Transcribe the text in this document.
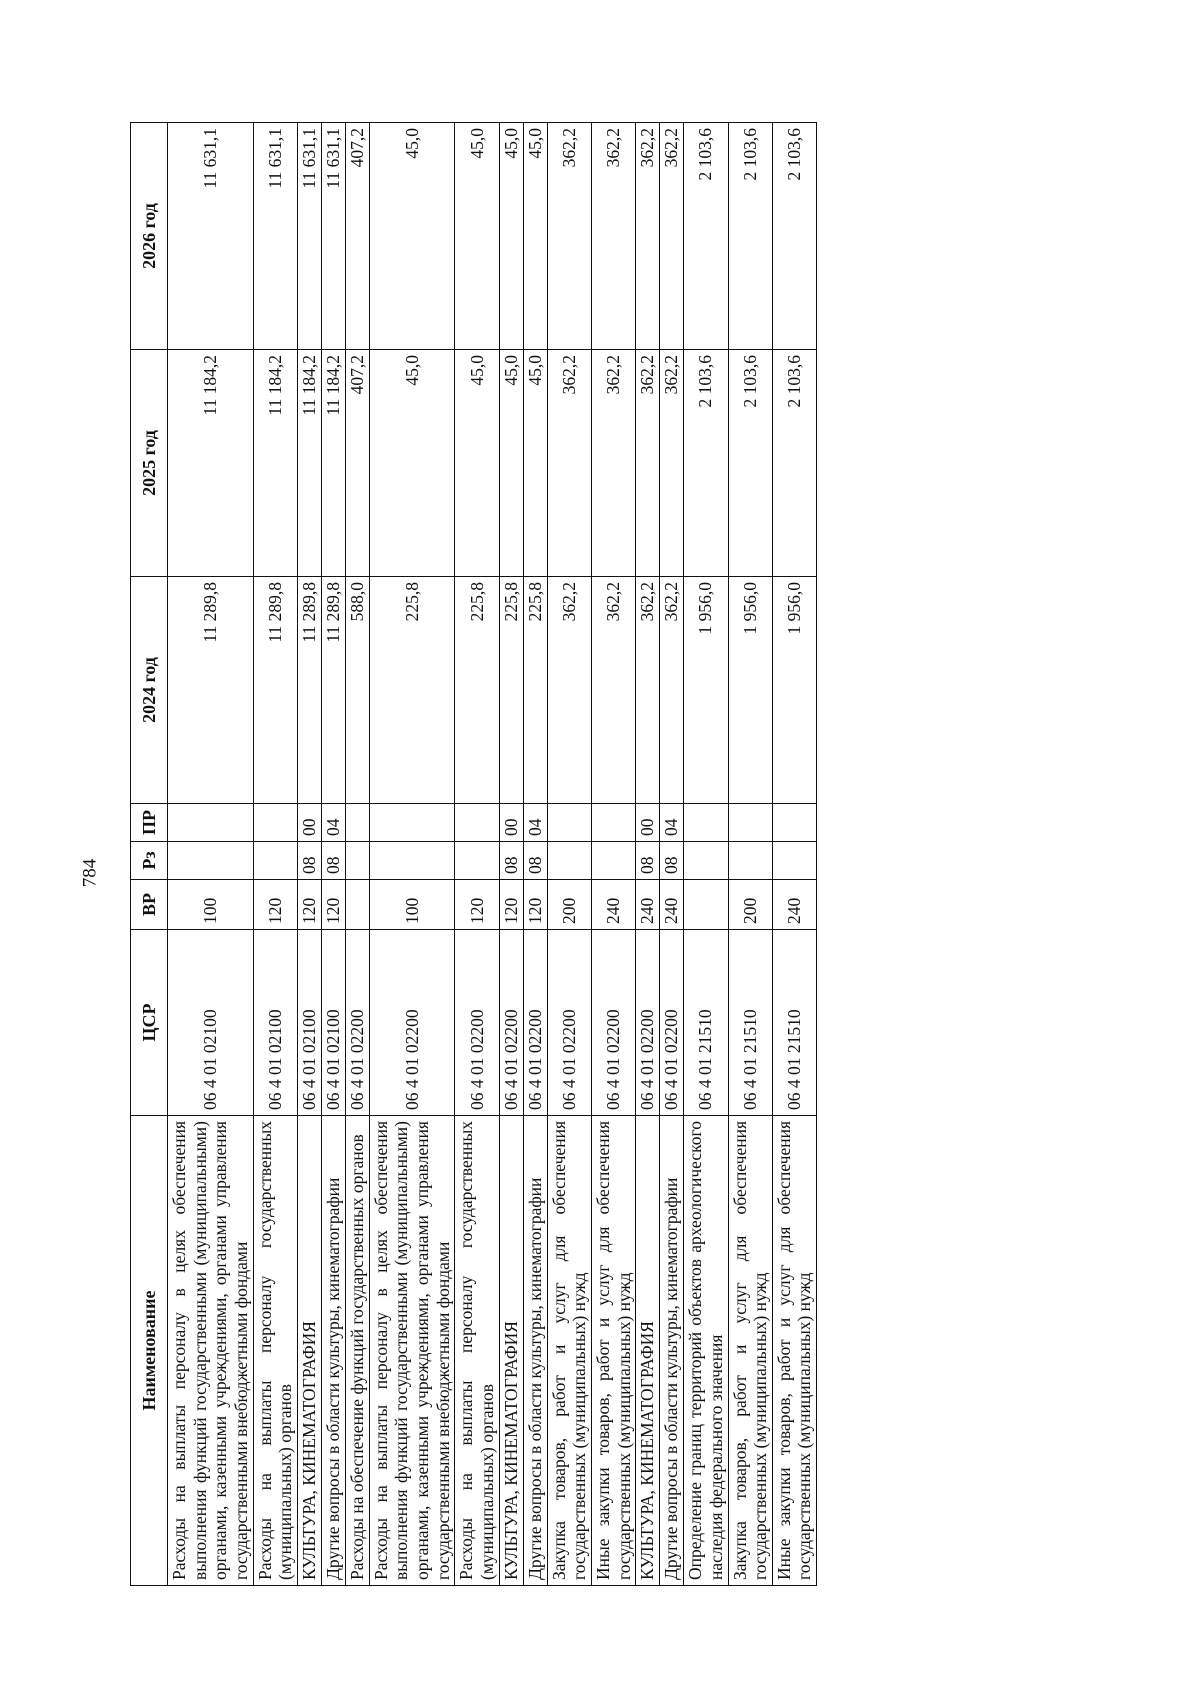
784
Наименование	ЦСР	ВР	Рз	ПР	2024 год	2025 год	2026 год
Расходы на выплаты персоналу в целях обеспечения выполнения функций государственными (муниципальными) органами, казенными учреждениями, органами управления государственными внебюджетными фондами	06 4 01 02100	100			11 289,8	11 184,2	11 631,1
Расходы на выплаты персоналу государственных (муниципальных) органов	06 4 01 02100	120			11 289,8	11 184,2	11 631,1
КУЛЬТУРА, КИНЕМАТОГРАФИЯ	06 4 01 02100	120	08	00	11 289,8	11 184,2	11 631,1
Другие вопросы в области культуры, кинематографии	06 4 01 02100	120	08	04	11 289,8	11 184,2	11 631,1
Расходы на обеспечение функций государственных органов	06 4 01 02200				588,0	407,2	407,2
Расходы на выплаты персоналу в целях обеспечения выполнения функций государственными (муниципальными) органами, казенными учреждениями, органами управления государственными внебюджетными фондами	06 4 01 02200	100			225,8	45,0	45,0
Расходы на выплаты персоналу государственных (муниципальных) органов	06 4 01 02200	120			225,8	45,0	45,0
КУЛЬТУРА, КИНЕМАТОГРАФИЯ	06 4 01 02200	120	08	00	225,8	45,0	45,0
Другие вопросы в области культуры, кинематографии	06 4 01 02200	120	08	04	225,8	45,0	45,0
Закупка товаров, работ и услуг для обеспечения государственных (муниципальных) нужд	06 4 01 02200	200			362,2	362,2	362,2
Иные закупки товаров, работ и услуг для обеспечения государственных (муниципальных) нужд	06 4 01 02200	240			362,2	362,2	362,2
КУЛЬТУРА, КИНЕМАТОГРАФИЯ	06 4 01 02200	240	08	00	362,2	362,2	362,2
Другие вопросы в области культуры, кинематографии	06 4 01 02200	240	08	04	362,2	362,2	362,2
Определение границ территорий объектов археологического наследия федерального значения	06 4 01 21510				1 956,0	2 103,6	2 103,6
Закупка товаров, работ и услуг для обеспечения государственных (муниципальных) нужд	06 4 01 21510	200			1 956,0	2 103,6	2 103,6
Иные закупки товаров, работ и услуг для обеспечения государственных (муниципальных) нужд	06 4 01 21510	240			1 956,0	2 103,6	2 103,6
